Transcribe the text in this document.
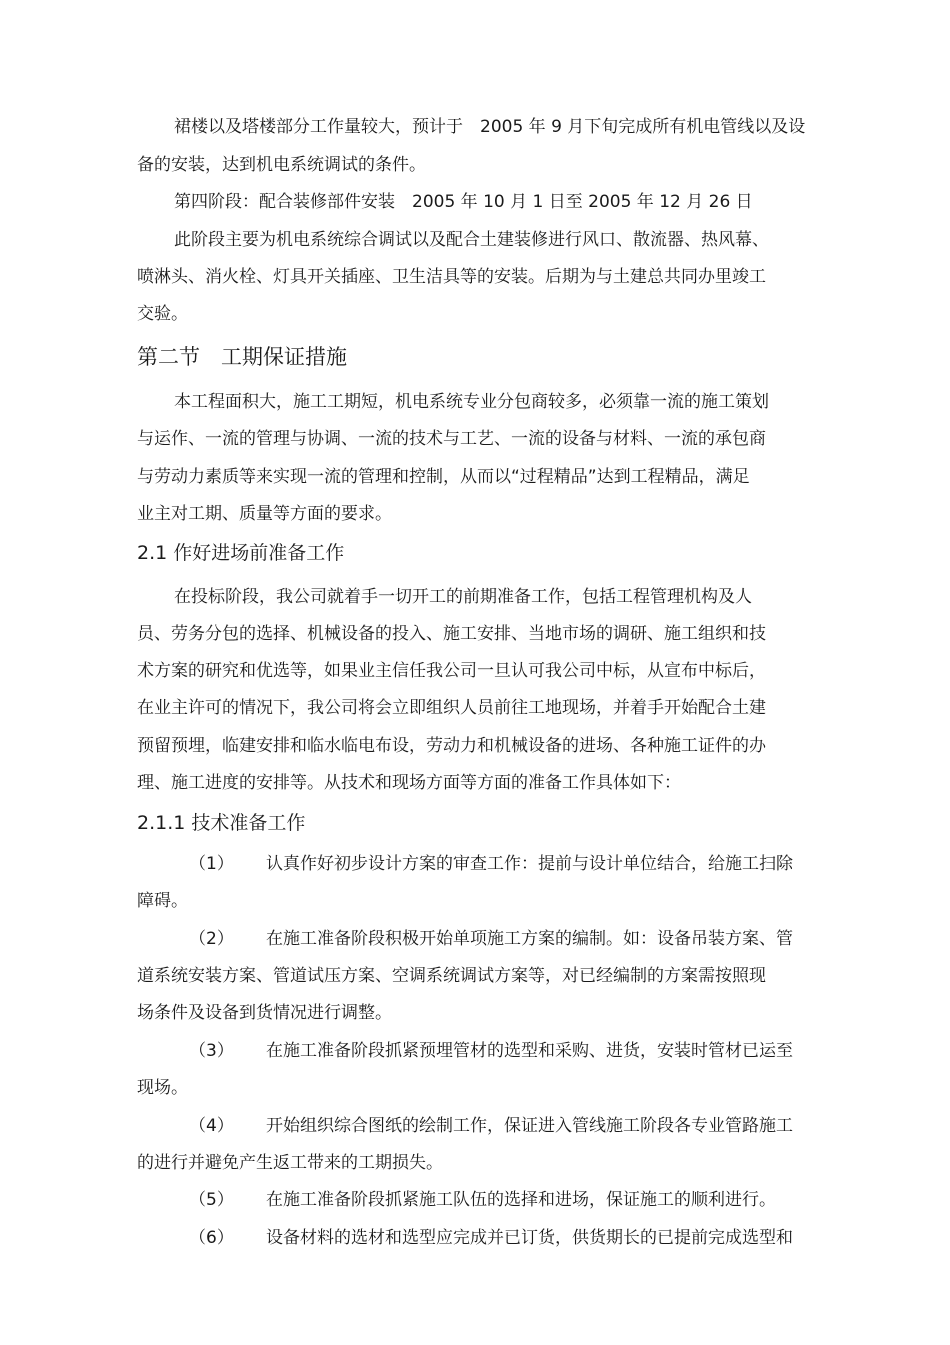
裙楼以及塔楼部分工作量较大，预计于　2005 年 9 月下旬完成所有机电管线以及设
备的安装，达到机电系统调试的条件。
第四阶段：配合装修部件安装　2005 年 10 月 1 日至 2005 年 12 月 26 日
此阶段主要为机电系统综合调试以及配合土建装修进行风口、散流器、热风幕、
喷淋头、消火栓、灯具开关插座、卫生洁具等的安装。后期为与土建总共同办里竣工
交验。
第二节　工期保证措施
本工程面积大，施工工期短，机电系统专业分包商较多，必须靠一流的施工策划
与运作、一流的管理与协调、一流的技术与工艺、一流的设备与材料、一流的承包商
与劳动力素质等来实现一流的管理和控制，从而以“过程精品”达到工程精品，满足
业主对工期、质量等方面的要求。
2.1 作好进场前准备工作
在投标阶段，我公司就着手一切开工的前期准备工作，包括工程管理机构及人
员、劳务分包的选择、机械设备的投入、施工安排、当地市场的调研、施工组织和技
术方案的研究和优选等，如果业主信任我公司一旦认可我公司中标，从宣布中标后，
在业主许可的情况下，我公司将会立即组织人员前往工地现场，并着手开始配合土建
预留预埋，临建安排和临水临电布设，劳动力和机械设备的进场、各种施工证件的办
理、施工进度的安排等。从技术和现场方面等方面的准备工作具体如下：
2.1.1 技术准备工作
（1） 认真作好初步设计方案的审查工作：提前与设计单位结合，给施工扫除
障碍。
（2） 在施工准备阶段积极开始单项施工方案的编制。如：设备吊装方案、管
道系统安装方案、管道试压方案、空调系统调试方案等，对已经编制的方案需按照现
场条件及设备到货情况进行调整。
（3） 在施工准备阶段抓紧预埋管材的选型和采购、进货，安装时管材已运至
现场。
（4） 开始组织综合图纸的绘制工作，保证进入管线施工阶段各专业管路施工
的进行并避免产生返工带来的工期损失。
（5） 在施工准备阶段抓紧施工队伍的选择和进场，保证施工的顺利进行。
（6） 设备材料的选材和选型应完成并已订货，供货期长的已提前完成选型和
